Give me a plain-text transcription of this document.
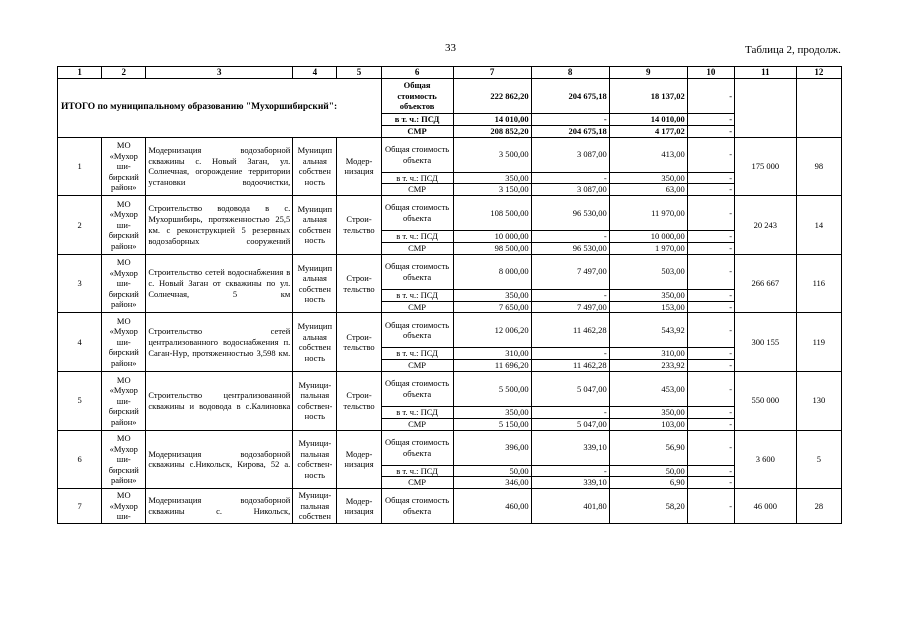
33	Таблица 2, продолж.
1	2	3	4	5	6	7	8	9	10	11	12
ИТОГО по муниципальному образованию "Мухоршибирский":					Общая стоимость объектов	222 862,20	204 675,18	18 137,02	-		
					в т. ч.: ПСД	14 010,00	-	14 010,00	-		
					СМР	208 852,20	204 675,18	4 177,02	-		
1	МО «Мухор ши- бирский район»	Модернизация водозаборной скважины с. Новый Заган, ул. Солнечная, огорождение территории установки водоочистки,	Муницип альная собствен ность	Модер- низация	Общая стоимость объекта	3 500,00	3 087,00	413,00	-	175 000	98
					в т. ч.: ПСД	350,00	-	350,00	-		
					СМР	3 150,00	3 087,00	63,00	-		
2	МО «Мухор ши- бирский район»	Строительство водовода в с. Мухоршибирь, протяженностью 25,5 км. с реконструкцией 5 резервных водозаборных сооружений	Муницип альная собствен ность	Строи- тельство	Общая стоимость объекта	108 500,00	96 530,00	11 970,00	-	20 243	14
					в т. ч.: ПСД	10 000,00	-	10 000,00	-		
					СМР	98 500,00	96 530,00	1 970,00	-		
3	МО «Мухор ши- бирский район»	Строительство сетей водоснабжения в с. Новый Заган от скважины по ул. Солнечная, 5 км	Муницип альная собствен ность	Строи- тельство	Общая стоимость объекта	8 000,00	7 497,00	503,00	-	266 667	116
					в т. ч.: ПСД	350,00	-	350,00	-		
					СМР	7 650,00	7 497,00	153,00	-		
4	МО «Мухор ши- бирский район»	Строительство сетей централизованного водоснабжения п. Саган-Нур, протяженностью 3,598 км.	Муницип альная собствен ность	Строи- тельство	Общая стоимость объекта	12 006,20	11 462,28	543,92	-	300 155	119
					в т. ч.: ПСД	310,00	-	310,00	-		
					СМР	11 696,20	11 462,28	233,92	-		
5	МО «Мухор ши- бирский район»	Строительство централизованной скважины и водовода в с.Калиновка	Муници- пальная собствен- ность	Строи- тельство	Общая стоимость объекта	5 500,00	5 047,00	453,00	-	550 000	130
					в т. ч.: ПСД	350,00	-	350,00	-		
					СМР	5 150,00	5 047,00	103,00	-		
6	МО «Мухор ши- бирский район»	Модернизация водозаборной скважины с.Никольск, Кирова, 52 а.	Муници- пальная собствен- ность	Модер- низация	Общая стоимость объекта	396,00	339,10	56,90	-	3 600	5
					в т. ч.: ПСД	50,00	-	50,00	-		
					СМР	346,00	339,10	6,90	-		
7	МО «Мухор ши-	Модернизация водозаборной скважины с. Никольск,	Муници- пальная собствен	Модер- низация	Общая стоимость объекта	460,00	401,80	58,20	-	46 000	28
